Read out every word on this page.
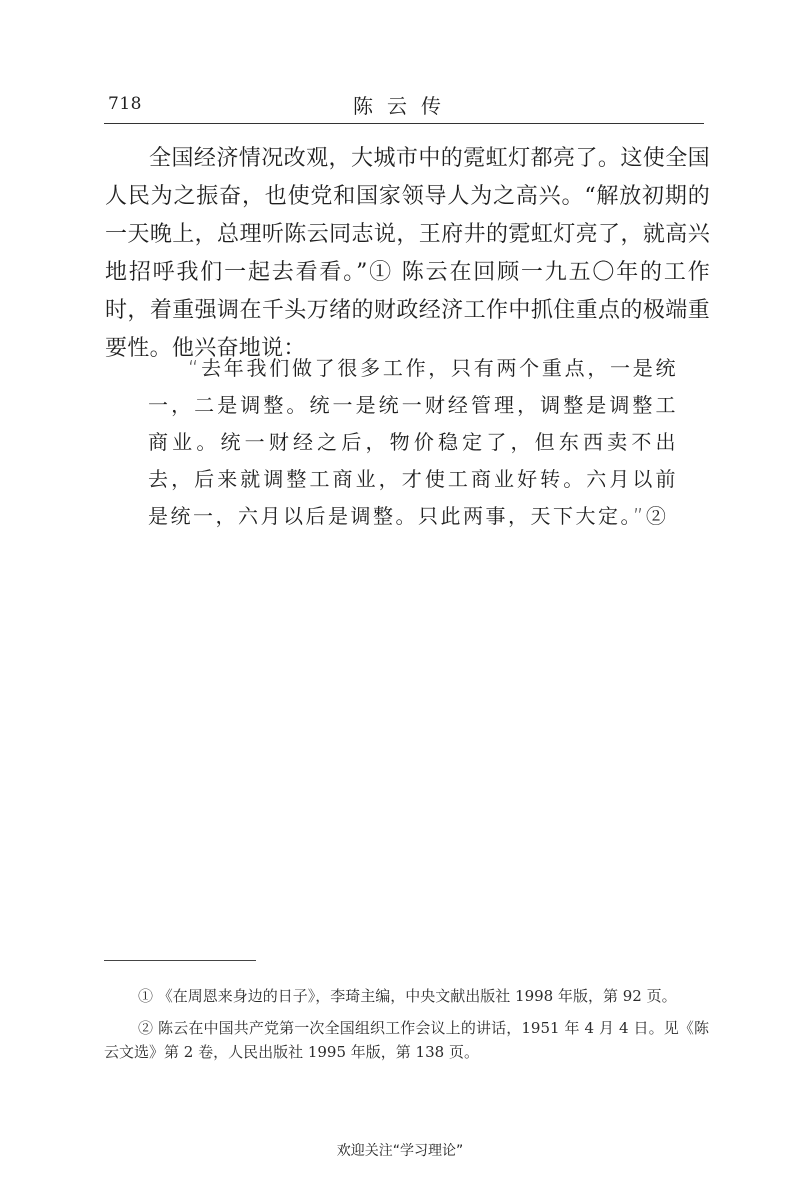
718	陈云传

全国经济情况改观，大城市中的霓虹灯都亮了。这使全国人民为之振奋，也使党和国家领导人为之高兴。“解放初期的一天晚上，总理听陈云同志说，王府井的霓虹灯亮了，就高兴地招呼我们一起去看看。”① 陈云在回顾一九五〇年的工作时，着重强调在千头万绪的财政经济工作中抓住重点的极端重要性。他兴奋地说：

“去年我们做了很多工作，只有两个重点，一是统一，二是调整。统一是统一财经管理，调整是调整工商业。统一财经之后，物价稳定了，但东西卖不出去，后来就调整工商业，才使工商业好转。六月以前是统一，六月以后是调整。只此两事，天下大定。”②

① 《在周恩来身边的日子》，李琦主编，中央文献出版社 1998 年版，第 92 页。

② 陈云在中国共产党第一次全国组织工作会议上的讲话，1951 年 4 月 4 日。见《陈云文选》第 2 卷，人民出版社 1995 年版，第 138 页。

欢迎关注“学习理论”
